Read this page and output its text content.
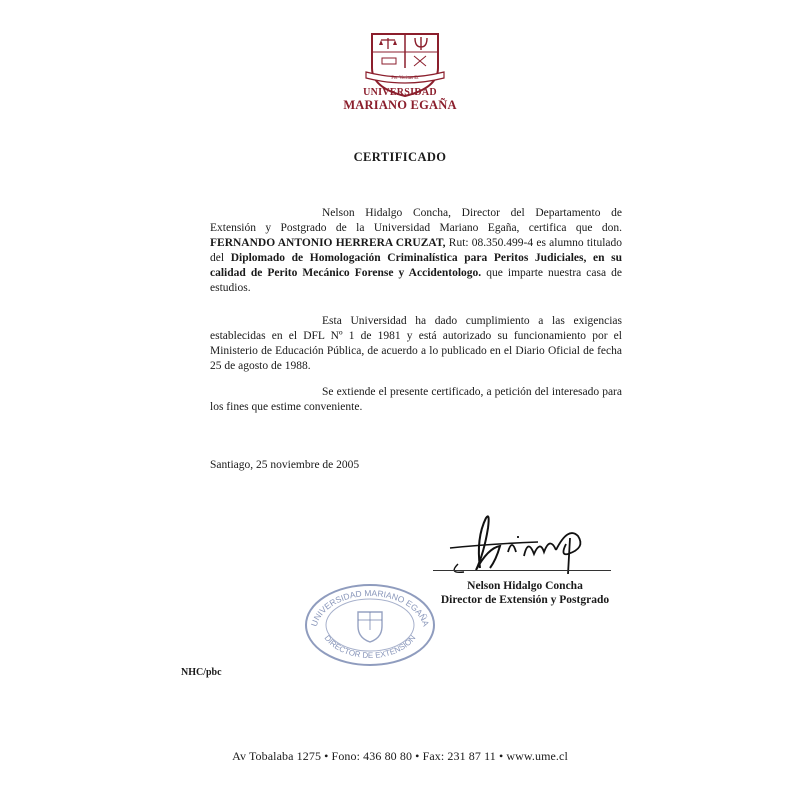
Per Veritas Et
UNIVERSIDAD
MARIANO EGAÑA
CERTIFICADO
Nelson Hidalgo Concha, Director del Departamento de Extensión y Postgrado de la Universidad Mariano Egaña, certifica que don. FERNANDO ANTONIO HERRERA CRUZAT, Rut: 08.350.499-4 es alumno titulado del Diplomado de Homologación Criminalística para Peritos Judiciales, en su calidad de Perito Mecánico Forense y Accidentologo. que imparte nuestra casa de estudios.
Esta Universidad ha dado cumplimiento a las exigencias establecidas en el DFL Nº 1 de 1981 y está autorizado su funcionamiento por el Ministerio de Educación Pública, de acuerdo a lo publicado en el Diario Oficial de fecha 25 de agosto de 1988.
Se extiende el presente certificado, a petición del interesado para los fines que estime conveniente.
Santiago, 25 noviembre de 2005
Nelson Hidalgo Concha
Director de Extensión y Postgrado
UNIVERSIDAD MARIANO EGAÑA
DIRECTOR DE EXTENSION
NHC/pbc
Av Tobalaba 1275 • Fono: 436 80 80 • Fax: 231 87 11 • www.ume.cl
